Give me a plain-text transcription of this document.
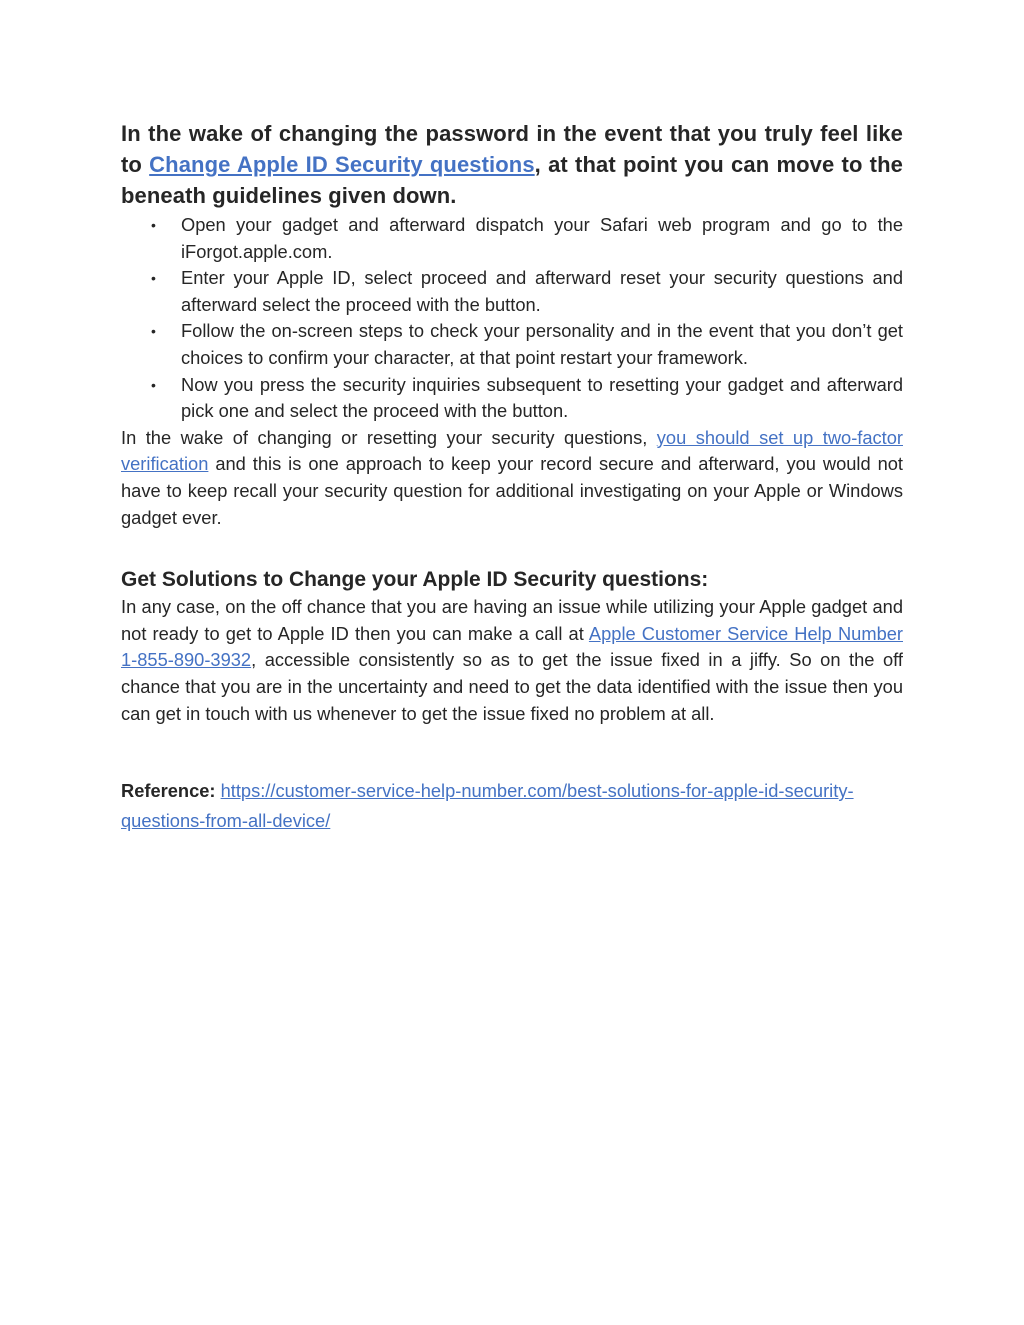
In the wake of changing the password in the event that you truly feel like to Change Apple ID Security questions, at that point you can move to the beneath guidelines given down.

• Open your gadget and afterward dispatch your Safari web program and go to the iForgot.apple.com.
• Enter your Apple ID, select proceed and afterward reset your security questions and afterward select the proceed with the button.
• Follow the on-screen steps to check your personality and in the event that you don’t get choices to confirm your character, at that point restart your framework.
• Now you press the security inquiries subsequent to resetting your gadget and afterward pick one and select the proceed with the button.

In the wake of changing or resetting your security questions, you should set up two-factor verification and this is one approach to keep your record secure and afterward, you would not have to keep recall your security question for additional investigating on your Apple or Windows gadget ever.

Get Solutions to Change your Apple ID Security questions:

In any case, on the off chance that you are having an issue while utilizing your Apple gadget and not ready to get to Apple ID then you can make a call at Apple Customer Service Help Number 1-855-890-3932, accessible consistently so as to get the issue fixed in a jiffy. So on the off chance that you are in the uncertainty and need to get the data identified with the issue then you can get in touch with us whenever to get the issue fixed no problem at all.

Reference: https://customer-service-help-number.com/best-solutions-for-apple-id-security-questions-from-all-device/
